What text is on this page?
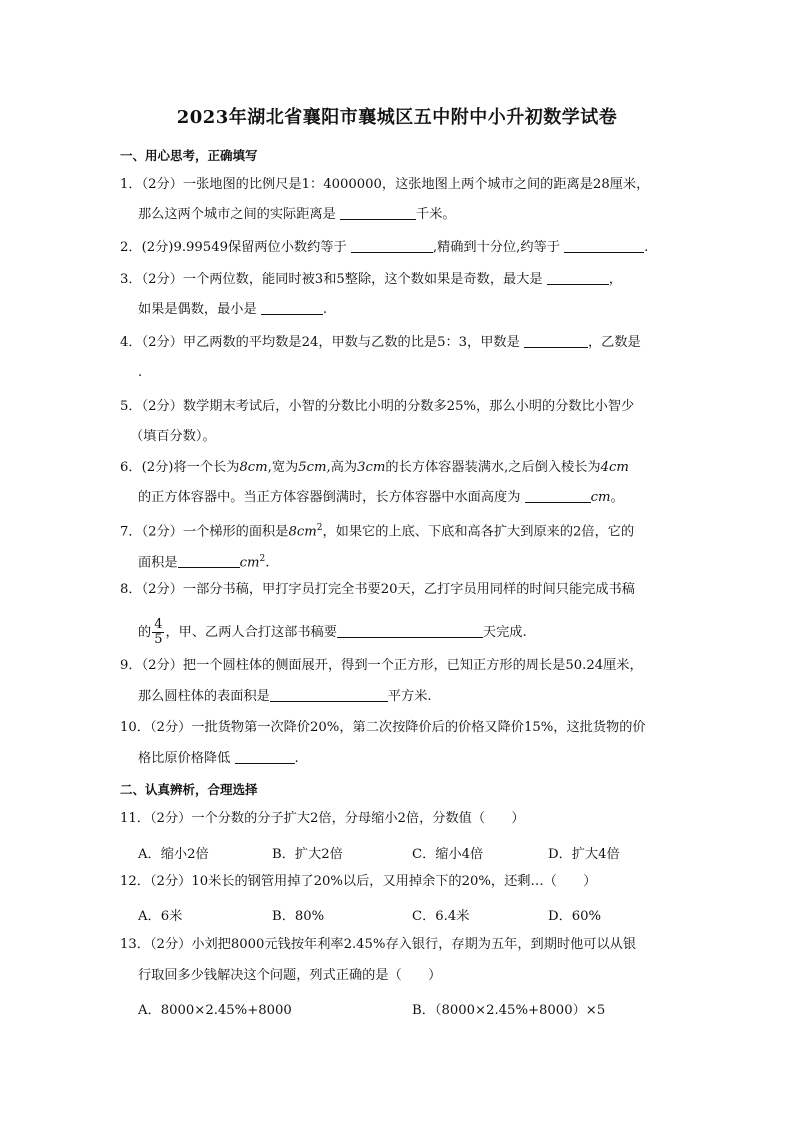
2023年湖北省襄阳市襄城区五中附中小升初数学试卷
一、用心思考，正确填写
1．（2分）一张地图的比例尺是1：4000000，这张地图上两个城市之间的距离是28厘米，
那么这两个城市之间的实际距离是	千米。
2．(2分)9.99549保留两位小数约等于	,精确到十分位,约等于	.
3．（2分）一个两位数，能同时被3和5整除，这个数如果是奇数，最大是	，
如果是偶数，最小是	.
4．（2分）甲乙两数的平均数是24，甲数与乙数的比是5：3，甲数是	，乙数是
.
5．（2分）数学期末考试后，小智的分数比小明的分数多25%，那么小明的分数比小智少
（填百分数）。
6．(2分)将一个长为8cm,宽为5cm,高为3cm的长方体容器装满水,之后倒入棱长为4cm
的正方体容器中。当正方体容器倒满时，长方体容器中水面高度为	cm。
7．（2分）一个梯形的面积是$8cm^2$，如果它的上底、下底和高各扩大到原来的2倍，它的
面积是	$cm^2$.
8．（2分）一部分书稿，甲打字员打完全书要20天，乙打字员用同样的时间只能完成书稿
的 $\frac{4}{5}$ ，甲、乙两人合打这部书稿要	天完成.
9．（2分）把一个圆柱体的侧面展开，得到一个正方形，已知正方形的周长是50.24厘米，
那么圆柱体的表面积是	平方米.
10．（2分）一批货物第一次降价20%，第二次按降价后的价格又降价15%，这批货物的价
格比原价格降低	.
二、认真辨析，合理选择
11．（2分）一个分数的分子扩大2倍，分母缩小2倍，分数值（　　）
A．缩小2倍	B．扩大2倍	C．缩小4倍	D．扩大4倍
12．（2分）10米长的钢管用掉了20%以后，又用掉余下的20%，还剩…（　　）
A．6米	B．80%	C．6.4米	D．60%
13．（2分）小刘把8000元钱按年利率2.45%存入银行，存期为五年，到期时他可以从银
行取回多少钱解决这个问题，列式正确的是（　　）
A．8000×2.45%+8000	B．（8000×2.45%+8000）×5
